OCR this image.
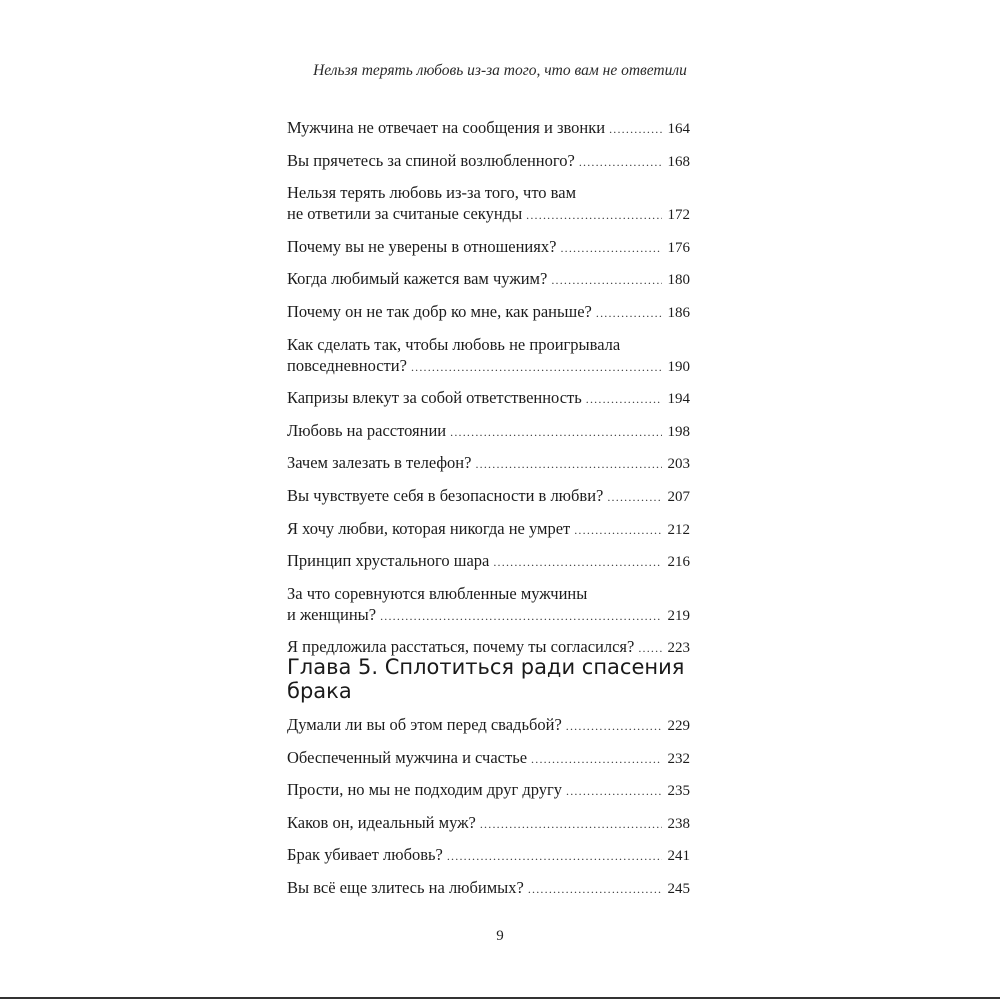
Нельзя терять любовь из-за того, что вам не ответили
Мужчина не отвечает на сообщения и звонки .....	164
Вы прячетесь за спиной возлюбленного? .....	168
Нельзя терять любовь из-за того, что вам
не ответили за считаные секунды .....	172
Почему вы не уверены в отношениях? .....	176
Когда любимый кажется вам чужим? .....	180
Почему он не так добр ко мне, как раньше? .....	186
Как сделать так, чтобы любовь не проигрывала
повседневности? .....	190
Капризы влекут за собой ответственность .....	194
Любовь на расстоянии .....	198
Зачем залезать в телефон? .....	203
Вы чувствуете себя в безопасности в любви? .....	207
Я хочу любви, которая никогда не умрет .....	212
Принцип хрустального шара .....	216
За что соревнуются влюбленные мужчины
и женщины? .....	219
Я предложила расстаться, почему ты согласился? ..... 223
Глава 5. Сплотиться ради спасения брака
Думали ли вы об этом перед свадьбой? .....	229
Обеспеченный мужчина и счастье .....	232
Прости, но мы не подходим друг другу .....	235
Каков он, идеальный муж? .....	238
Брак убивает любовь? .....	241
Вы всё еще злитесь на любимых? .....	245
9
